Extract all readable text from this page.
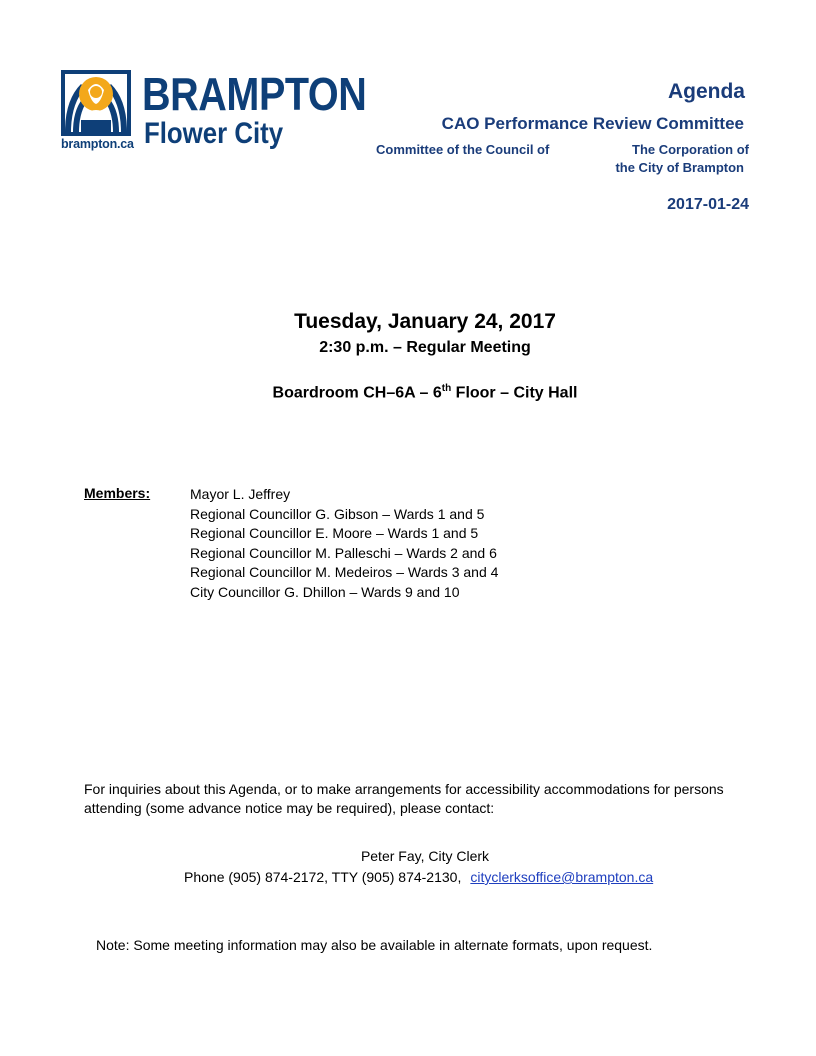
brampton.ca
BRAMPTON
Flower City
Agenda
CAO Performance Review Committee
Committee of the Council of	The Corporation of
the City of Brampton
2017-01-24
Tuesday, January 24, 2017
2:30 p.m. – Regular Meeting
Boardroom CH–6A – 6th Floor – City Hall
Members:	Mayor L. Jeffrey
Regional Councillor G. Gibson – Wards 1 and 5
Regional Councillor E. Moore – Wards 1 and 5
Regional Councillor M. Palleschi – Wards 2 and 6
Regional Councillor M. Medeiros – Wards 3 and 4
City Councillor G. Dhillon – Wards 9 and 10
For inquiries about this Agenda, or to make arrangements for accessibility accommodations for persons attending (some advance notice may be required), please contact:
Peter Fay, City Clerk
Phone (905) 874-2172, TTY (905) 874-2130, cityclerksoffice@brampton.ca
Note: Some meeting information may also be available in alternate formats, upon request.
